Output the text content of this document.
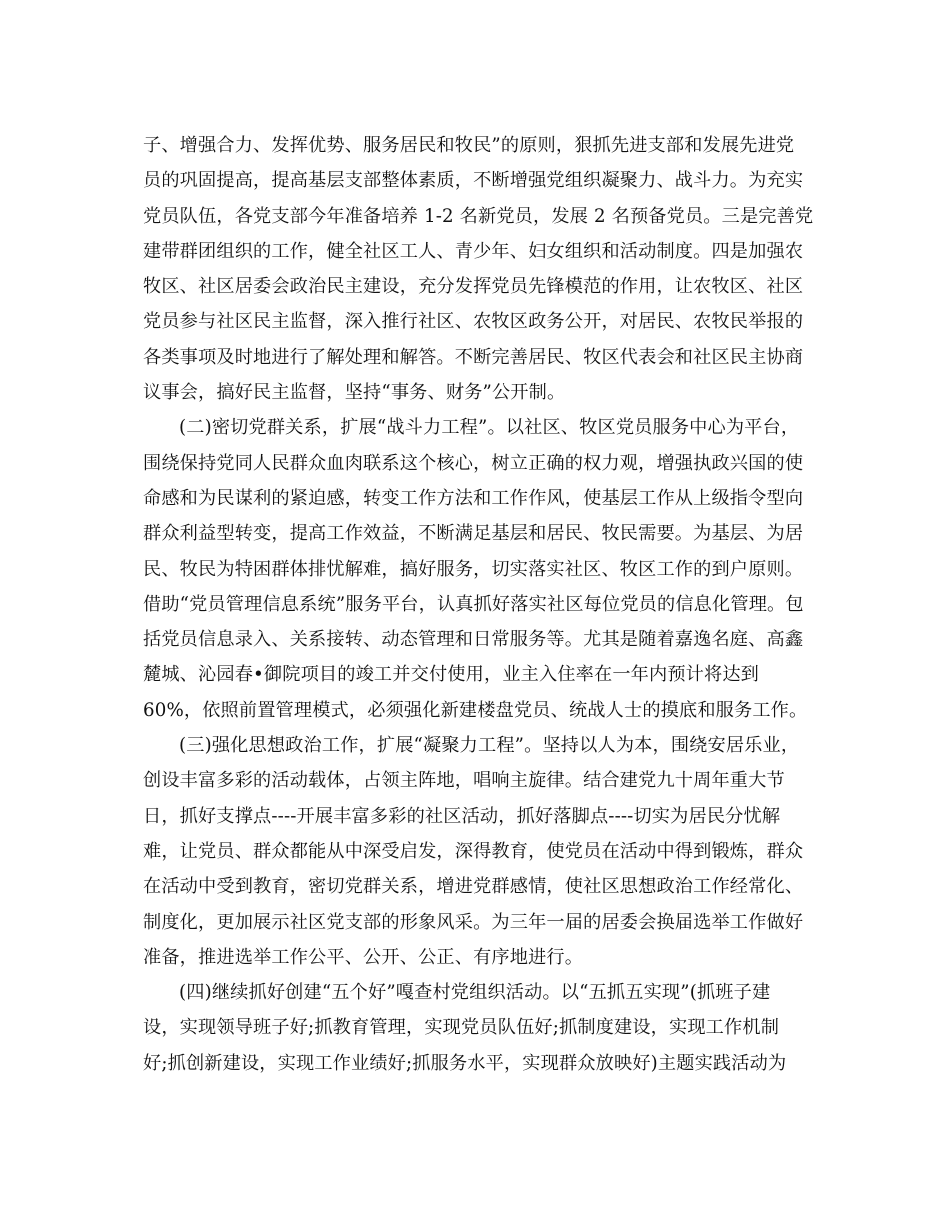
子、增强合力、发挥优势、服务居民和牧民”的原则，狠抓先进支部和发展先进党
员的巩固提高，提高基层支部整体素质，不断增强党组织凝聚力、战斗力。为充实
党员队伍，各党支部今年准备培养 1-2 名新党员，发展 2 名预备党员。三是完善党
建带群团组织的工作，健全社区工人、青少年、妇女组织和活动制度。四是加强农
牧区、社区居委会政治民主建设，充分发挥党员先锋模范的作用，让农牧区、社区
党员参与社区民主监督，深入推行社区、农牧区政务公开，对居民、农牧民举报的
各类事项及时地进行了解处理和解答。不断完善居民、牧区代表会和社区民主协商
议事会，搞好民主监督，坚持“事务、财务”公开制。
(二)密切党群关系，扩展“战斗力工程”。以社区、牧区党员服务中心为平台，
围绕保持党同人民群众血肉联系这个核心，树立正确的权力观，增强执政兴国的使
命感和为民谋利的紧迫感，转变工作方法和工作作风，使基层工作从上级指令型向
群众利益型转变，提高工作效益，不断满足基层和居民、牧民需要。为基层、为居
民、牧民为特困群体排忧解难，搞好服务，切实落实社区、牧区工作的到户原则。
借助“党员管理信息系统”服务平台，认真抓好落实社区每位党员的信息化管理。包
括党员信息录入、关系接转、动态管理和日常服务等。尤其是随着嘉逸名庭、高鑫
麓城、沁园春•御院项目的竣工并交付使用，业主入住率在一年内预计将达到
60%，依照前置管理模式，必须强化新建楼盘党员、统战人士的摸底和服务工作。
(三)强化思想政治工作，扩展“凝聚力工程”。坚持以人为本，围绕安居乐业，
创设丰富多彩的活动载体，占领主阵地，唱响主旋律。结合建党九十周年重大节
日，抓好支撑点----开展丰富多彩的社区活动，抓好落脚点----切实为居民分忧解
难，让党员、群众都能从中深受启发，深得教育，使党员在活动中得到锻炼，群众
在活动中受到教育，密切党群关系，增进党群感情，使社区思想政治工作经常化、
制度化，更加展示社区党支部的形象风采。为三年一届的居委会换届选举工作做好
准备，推进选举工作公平、公开、公正、有序地进行。
(四)继续抓好创建“五个好”嘎查村党组织活动。以“五抓五实现”(抓班子建
设，实现领导班子好;抓教育管理，实现党员队伍好;抓制度建设，实现工作机制
好;抓创新建设，实现工作业绩好;抓服务水平，实现群众放映好)主题实践活动为
